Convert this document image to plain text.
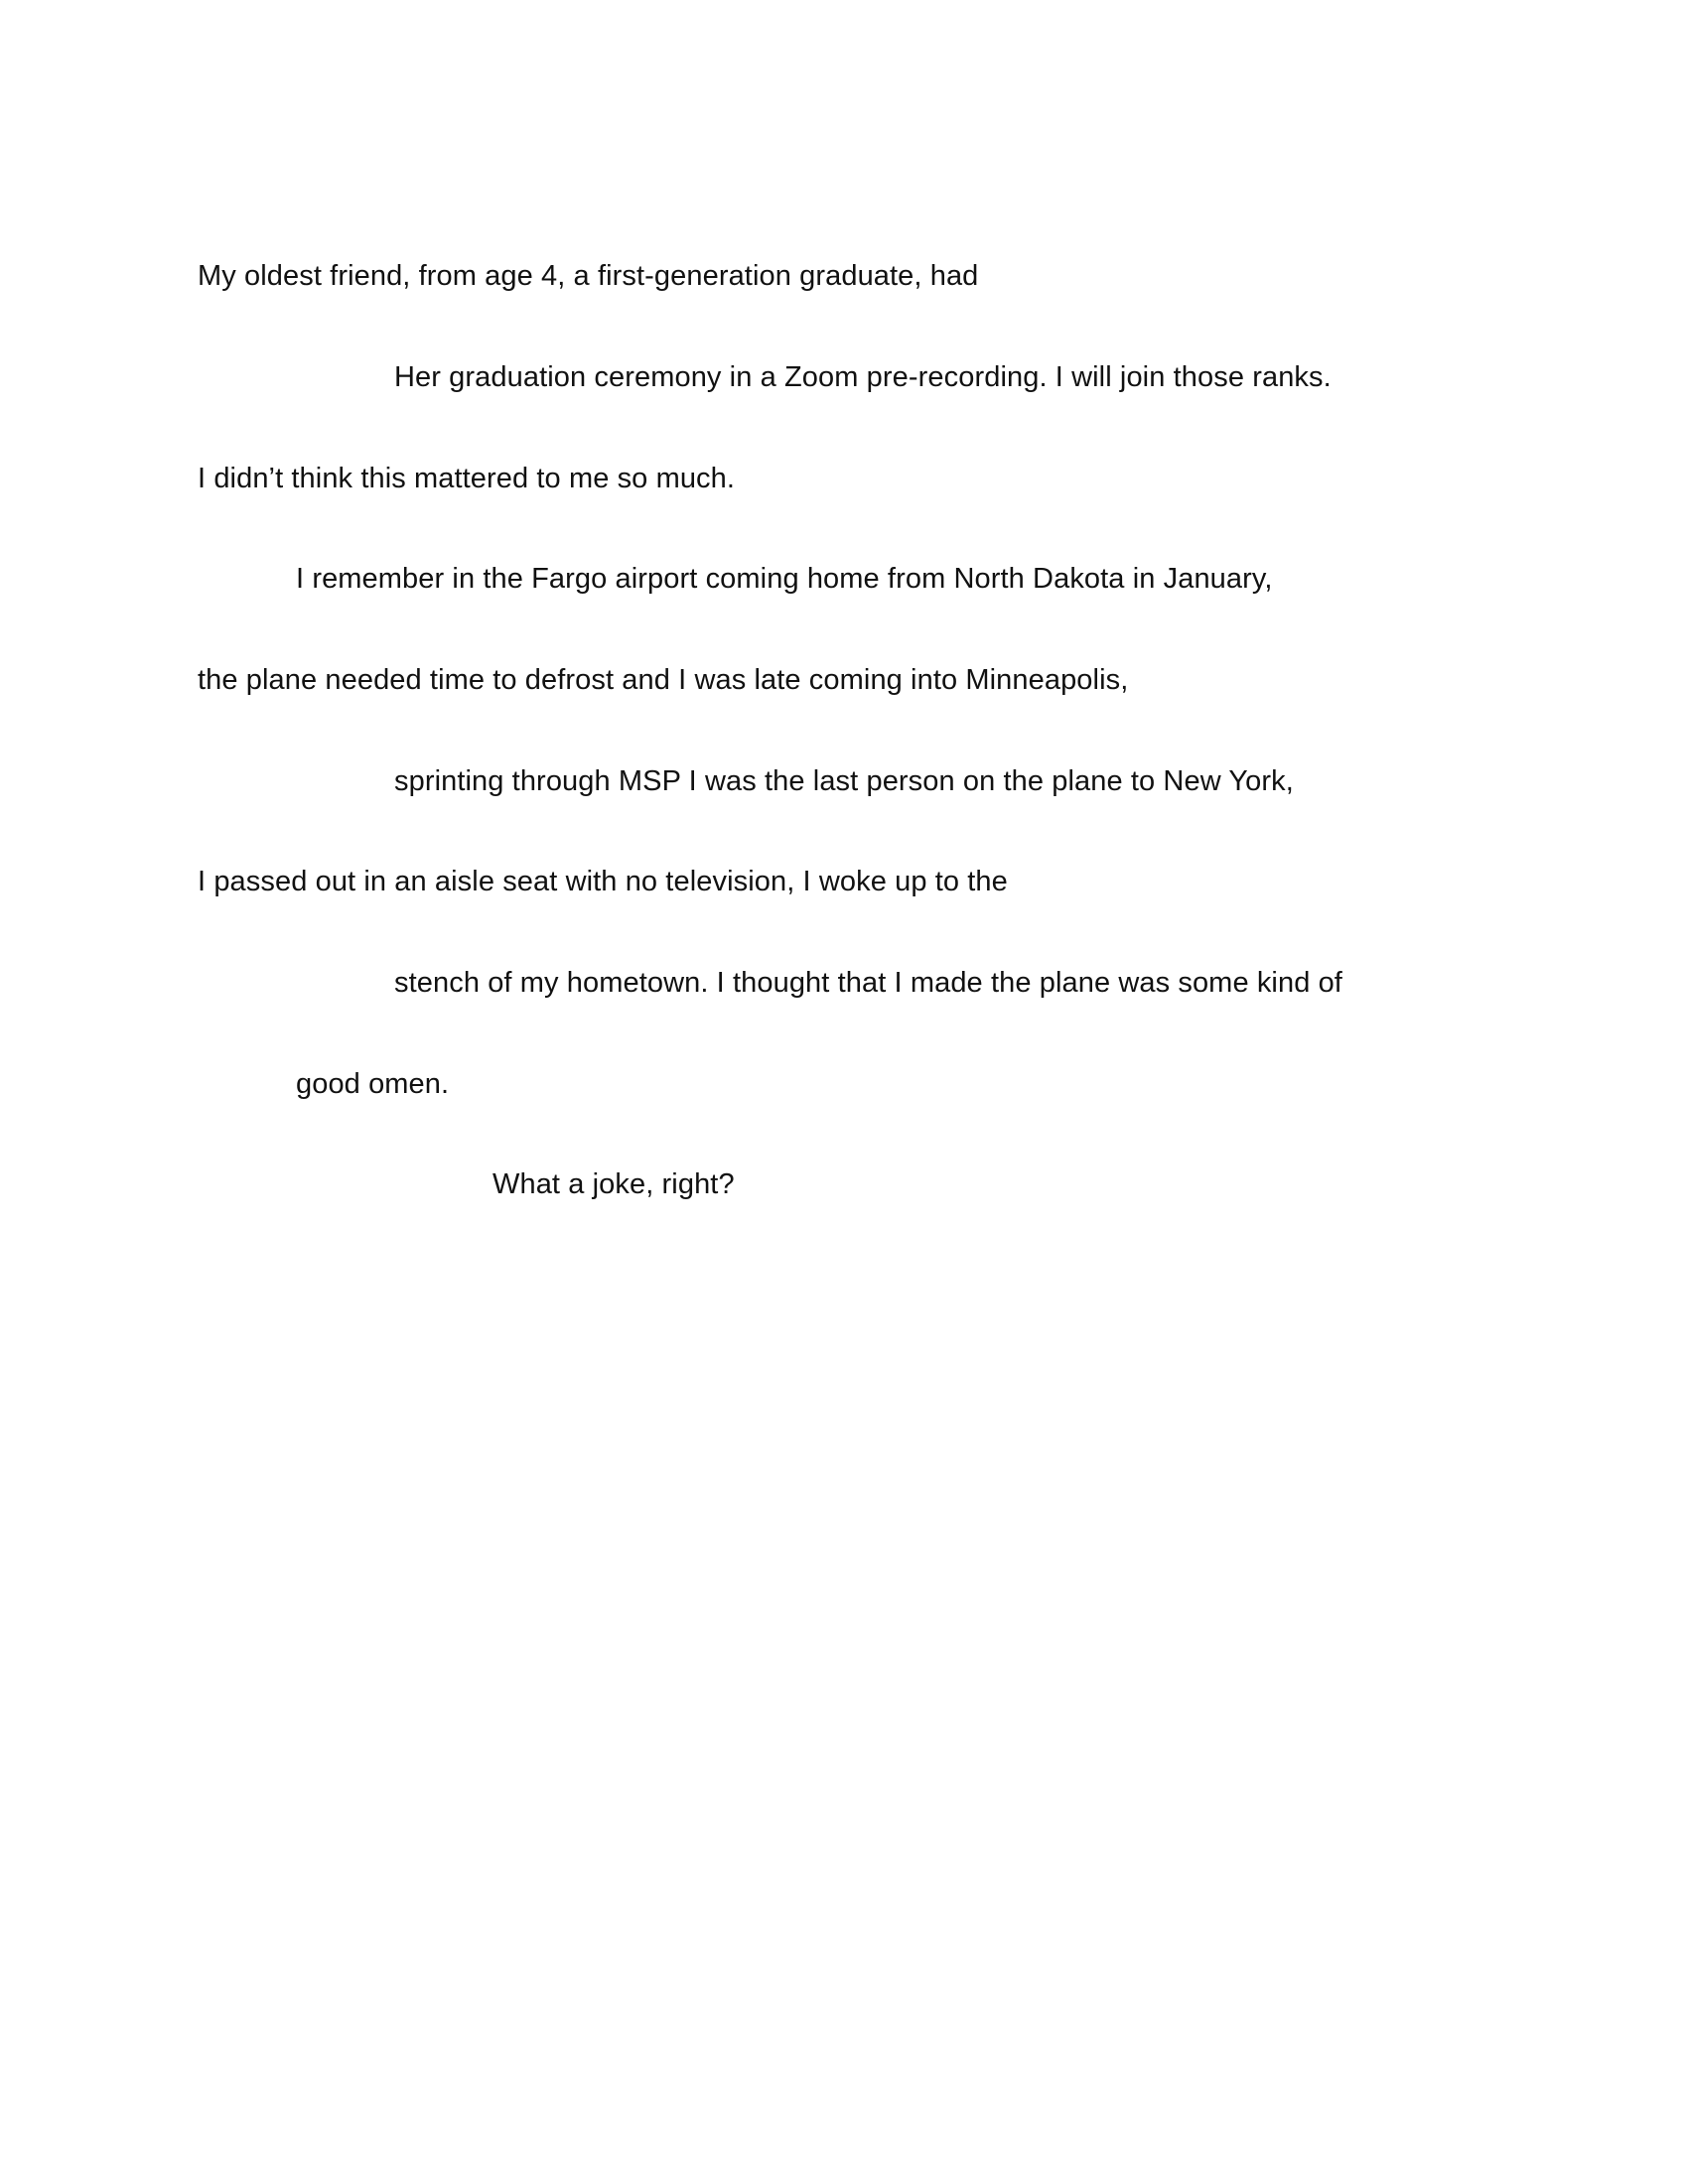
My oldest friend, from age 4, a first-generation graduate, had

Her graduation ceremony in a Zoom pre-recording. I will join those ranks.

I didn’t think this mattered to me so much.

I remember in the Fargo airport coming home from North Dakota in January,

the plane needed time to defrost and I was late coming into Minneapolis,

sprinting through MSP I was the last person on the plane to New York,

I passed out in an aisle seat with no television, I woke up to the

stench of my hometown. I thought that I made the plane was some kind of

good omen.

What a joke, right?
